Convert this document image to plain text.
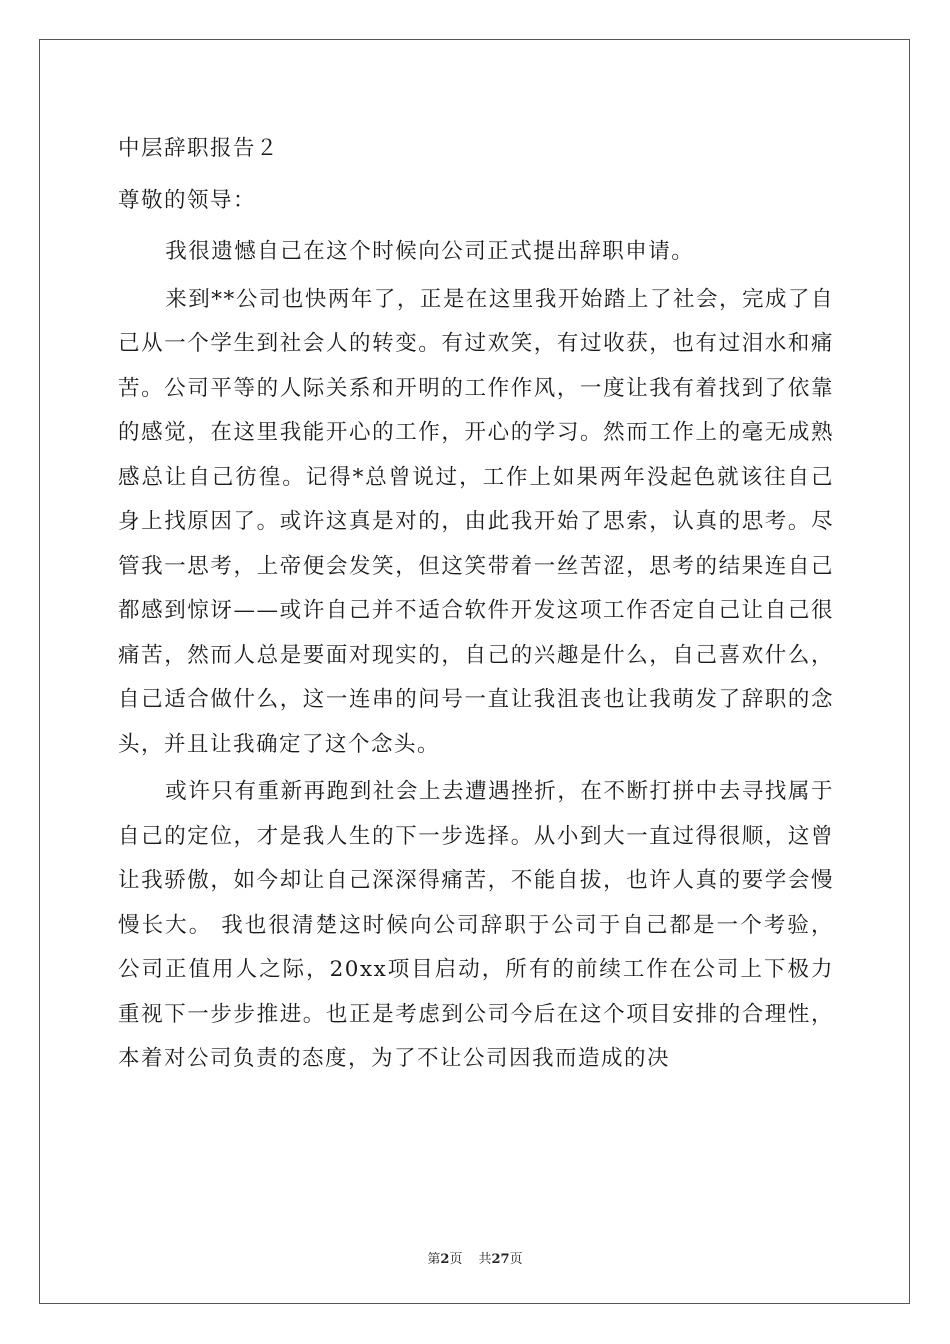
中层辞职报告２
尊敬的领导：

我很遗憾自己在这个时候向公司正式提出辞职申请。

来到**公司也快两年了，正是在这里我开始踏上了社会，完成了自己从一个学生到社会人的转变。有过欢笑，有过收获，也有过泪水和痛苦。公司平等的人际关系和开明的工作作风，一度让我有着找到了依靠的感觉，在这里我能开心的工作，开心的学习。然而工作上的毫无成熟感总让自己彷徨。记得*总曾说过，工作上如果两年没起色就该往自己身上找原因了。或许这真是对的，由此我开始了思索，认真的思考。尽管我一思考，上帝便会发笑，但这笑带着一丝苦涩，思考的结果连自己都感到惊讶——或许自己并不适合软件开发这项工作否定自己让自己很痛苦，然而人总是要面对现实的，自己的兴趣是什么，自己喜欢什么，自己适合做什么，这一连串的问号一直让我沮丧也让我萌发了辞职的念头，并且让我确定了这个念头。

或许只有重新再跑到社会上去遭遇挫折，在不断打拼中去寻找属于自己的定位，才是我人生的下一步选择。从小到大一直过得很顺，这曾让我骄傲，如今却让自己深深得痛苦，不能自拔，也许人真的要学会慢慢长大。 我也很清楚这时候向公司辞职于公司于自己都是一个考验，公司正值用人之际，20xx项目启动，所有的前续工作在公司上下极力重视下一步步推进。也正是考虑到公司今后在这个项目安排的合理性，本着对公司负责的态度，为了不让公司因我而造成的决

第2页 共27页
